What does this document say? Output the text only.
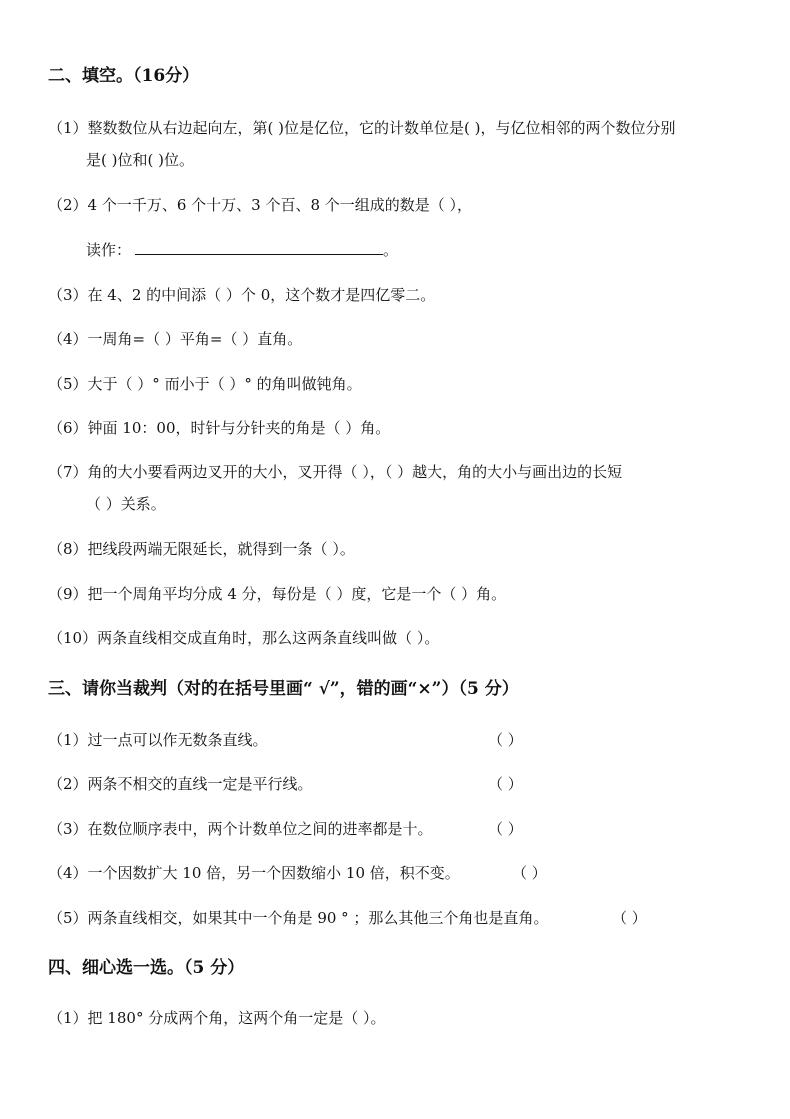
二、填空。（16分）
（1）整数数位从右边起向左，第( )位是亿位，它的计数单位是( )，与亿位相邻的两个数位分别
是( )位和( )位。
（2）4 个一千万、6 个十万、3 个百、8 个一组成的数是（ ），
读作：	。
（3）在 4、2 的中间添（ ）个 0，这个数才是四亿零二。
（4）一周角=（ ）平角=（ ）直角。
（5）大于（ ）° 而小于（ ）° 的角叫做钝角。
（6）钟面 10：00，时针与分针夹的角是（ ）角。
（7）角的大小要看两边叉开的大小，叉开得（ ），（ ）越大，角的大小与画出边的长短
（ ）关系。
（8）把线段两端无限延长，就得到一条（ ）。
（9）把一个周角平均分成 4 分，每份是（ ）度，它是一个（ ）角。
（10）两条直线相交成直角时，那么这两条直线叫做（ ）。
三、请你当裁判（对的在括号里画“ √”，错的画“×”）（5 分）
（1）过一点可以作无数条直线。	（ ）
（2）两条不相交的直线一定是平行线。	（ ）
（3）在数位顺序表中，两个计数单位之间的进率都是十。	（ ）
（4）一个因数扩大 10 倍，另一个因数缩小 10 倍，积不变。	（ ）
（5）两条直线相交，如果其中一个角是 90 ° ；那么其他三个角也是直角。	（ ）
四、细心选一选。（5 分）
（1）把 180° 分成两个角，这两个角一定是（ ）。
